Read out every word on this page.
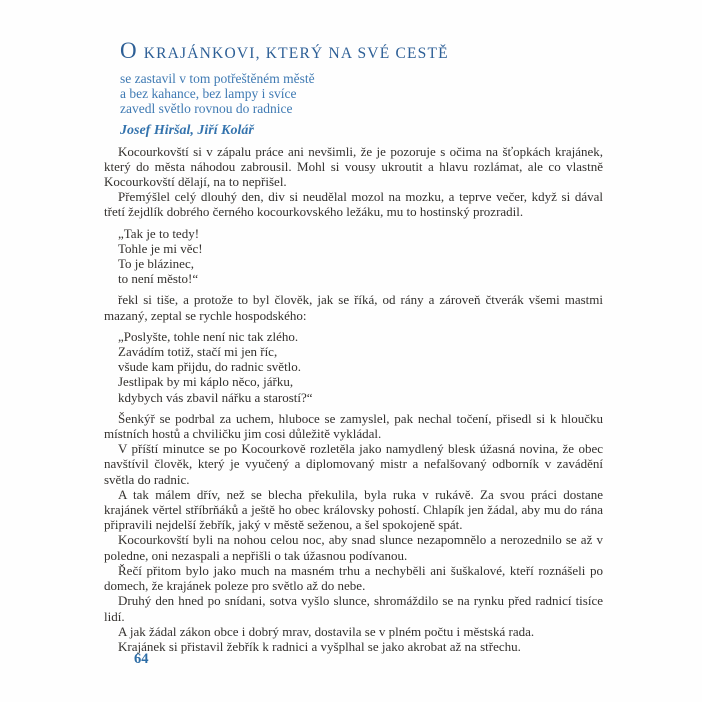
O KRAJÁNKOVI, KTERÝ NA SVÉ CESTĚ
se zastavil v tom potřeštěném městě
a bez kahance, bez lampy i svíce
zavedl světlo rovnou do radnice
Josef Hiršal, Jiří Kolář

Kocourkovští si v zápalu práce ani nevšimli, že je pozoruje s očima na šťopkách krajánek, který do města náhodou zabrousil. Mohl si vousy ukroutit a hlavu rozlámat, ale co vlastně Kocourkovští dělají, na to nepřišel.

Přemýšlel celý dlouhý den, div si neudělal mozol na mozku, a teprve večer, když si dával třetí žejdlík dobrého černého kocourkovského ležáku, mu to hostinský prozradil.

„Tak je to tedy!
Tohle je mi věc!
To je blázinec,
to není město!“

řekl si tiše, a protože to byl člověk, jak se říká, od rány a zároveň čtverák všemi mastmi mazaný, zeptal se rychle hospodského:

„Poslyšte, tohle není nic tak zlého.
Zavádím totiž, stačí mi jen říc,
všude kam přijdu, do radnic světlo.
Jestlipak by mi káplo něco, jářku,
kdybych vás zbavil nářku a starostí?“

Šenkýř se podrbal za uchem, hluboce se zamyslel, pak nechal točení, přisedl si k hloučku místních hostů a chviličku jim cosi důležitě vykládal.

V příští minutce se po Kocourkově rozletěla jako namydlený blesk úžasná novina, že obec navštívil člověk, který je vyučený a diplomovaný mistr a nefalšovaný odborník v zavádění světla do radnic.

A tak málem dřív, než se blecha překulila, byla ruka v rukávě. Za svou práci dostane krajánek věrtel stříbrňáků a ještě ho obec královsky pohostí. Chlapík jen žádal, aby mu do rána připravili nejdelší žebřík, jaký v městě seženou, a šel spokojeně spát.

Kocourkovští byli na nohou celou noc, aby snad slunce nezapomnělo a nerozednilo se až v poledne, oni nezaspali a nepřišli o tak úžasnou podívanou.

Řečí přitom bylo jako much na masném trhu a nechyběli ani šuškalové, kteří roznášeli po domech, že krajánek poleze pro světlo až do nebe.

Druhý den hned po snídani, sotva vyšlo slunce, shromáždilo se na rynku před radnicí tisíce lidí.

A jak žádal zákon obce i dobrý mrav, dostavila se v plném počtu i městská rada.

Krajánek si přistavil žebřík k radnici a vyšplhal se jako akrobat až na střechu.

64
